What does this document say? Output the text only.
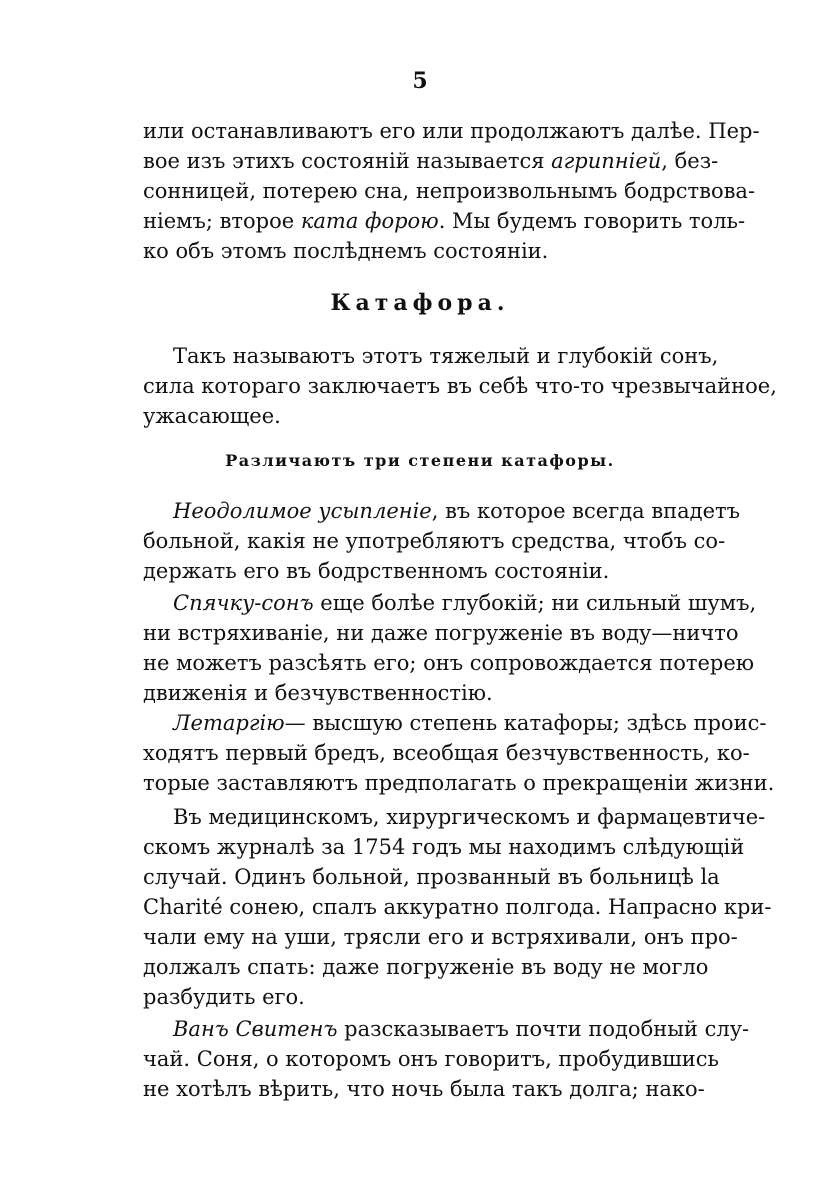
5
или останавливаютъ его или продолжаютъ далѣе. Пер-
вое изъ этихъ состояній называется агрипніей, без-
сонницей, потерею сна, непроизвольнымъ бодрствова-
ніемъ; второе ката форою. Мы будемъ говорить толь-
ко объ этомъ послѣднемъ состояніи.
Катафора.
Такъ называютъ этотъ тяжелый и глубокій сонъ,
сила котораго заключаетъ въ себѣ что-то чрезвычайное,
ужасающее.
Различаютъ три степени катафоры.
Неодолимое усыпленіе, въ которое всегда впадетъ
больной, какія не употребляютъ средства, чтобъ со-
держать его въ бодрственномъ состояніи.
Спячку-сонъ еще болѣе глубокій; ни сильный шумъ,
ни встряхиваніе, ни даже погруженіе въ воду—ничто
не можетъ разсѣять его; онъ сопровождается потерею
движенія и безчувственностію.
Летаргію— высшую степень катафоры; здѣсь проис-
ходятъ первый бредъ, всеобщая безчувственность, ко-
торые заставляютъ предполагать о прекращеніи жизни.
Въ медицинскомъ, хирургическомъ и фармацевтиче-
скомъ журналѣ за 1754 годъ мы находимъ слѣдующій
случай. Одинъ больной, прозванный въ больницѣ la
Charité сонею, спалъ аккуратно полгода. Напрасно кри-
чали ему на уши, трясли его и встряхивали, онъ про-
должалъ спать: даже погруженіе въ воду не могло
разбудить его.
Ванъ Свитенъ разсказываетъ почти подобный слу-
чай. Соня, о которомъ онъ говоритъ, пробудившись
не хотѣлъ вѣрить, что ночь была такъ долга; нако-
